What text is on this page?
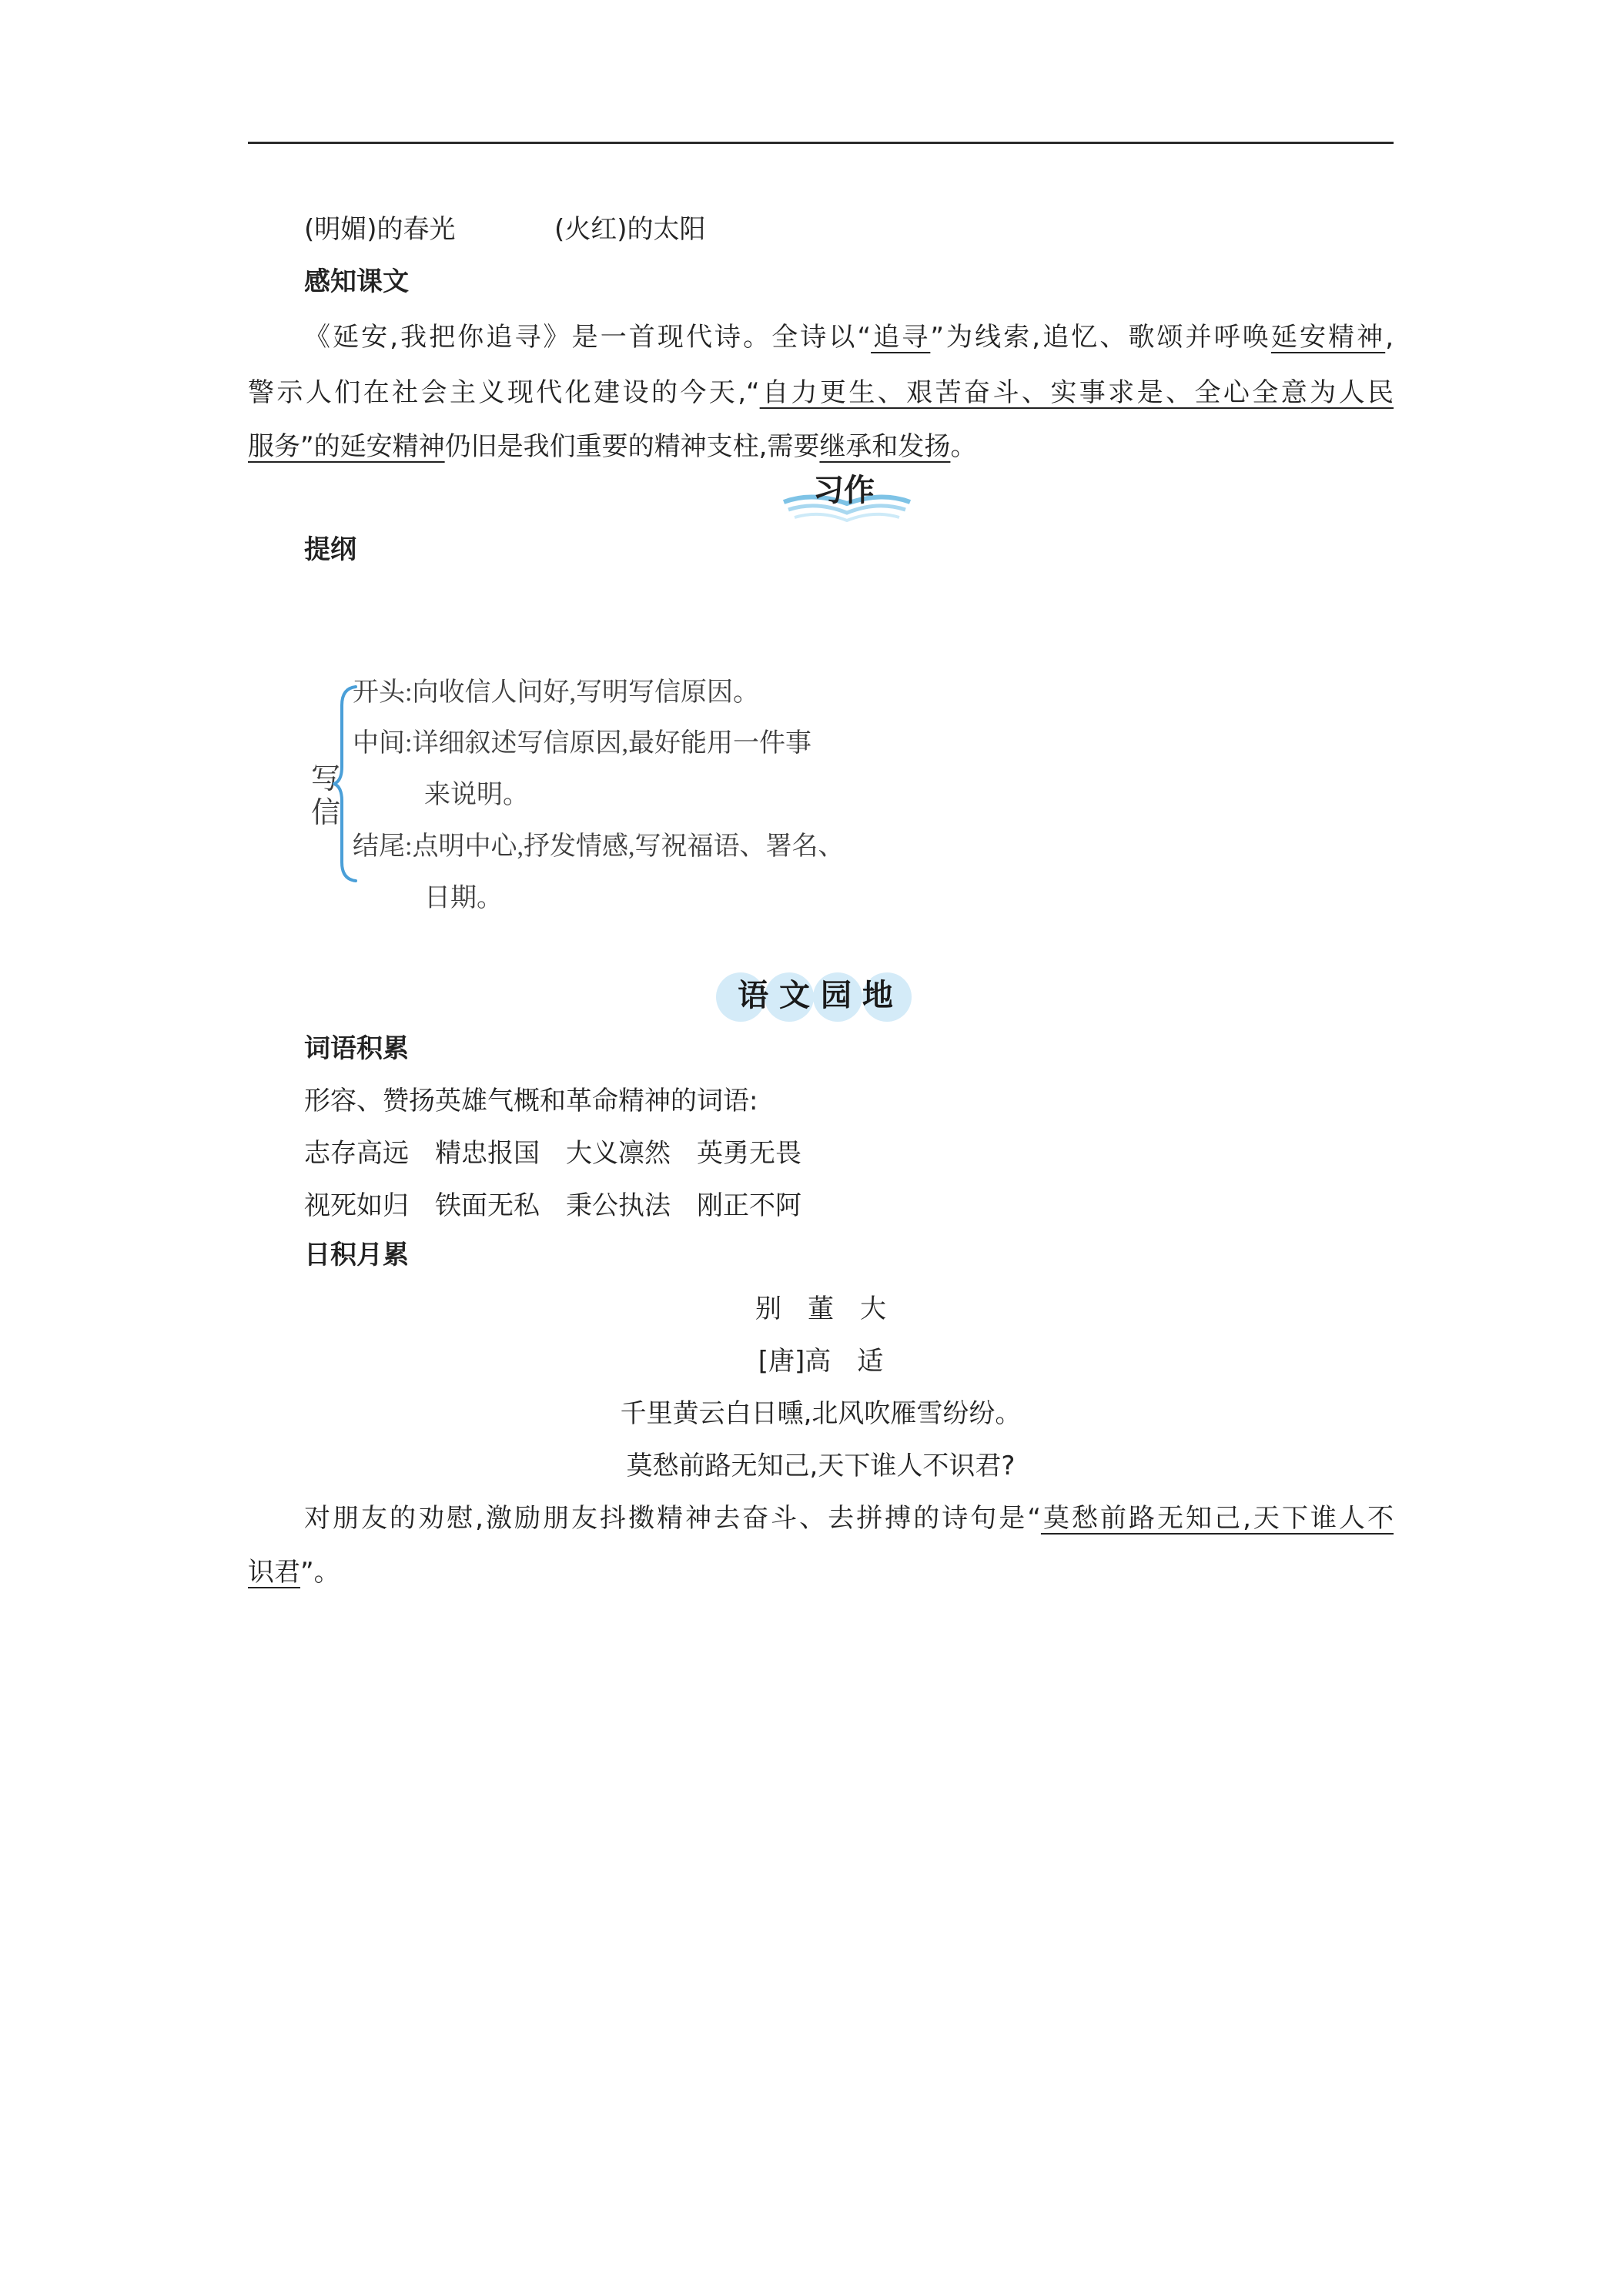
(明媚)的春光	(火红)的太阳
感知课文
《延安,我把你追寻》是一首现代诗。全诗以“追寻”为线索,追忆、歌颂并呼唤延安精神,
警示人们在社会主义现代化建设的今天,“自力更生、艰苦奋斗、实事求是、全心全意为人民
服务”的延安精神仍旧是我们重要的精神支柱,需要继承和发扬。
习作
提纲
写信
开头:向收信人问好,写明写信原因。
中间:详细叙述写信原因,最好能用一件事
来说明。
结尾:点明中心,抒发情感,写祝福语、署名、
日期。
语 文 园 地
词语积累
形容、赞扬英雄气概和革命精神的词语:
志存高远　精忠报国　大义凛然　英勇无畏
视死如归　铁面无私　秉公执法　刚正不阿
日积月累
别　董　大
[唐]高　适
千里黄云白日曛,北风吹雁雪纷纷。
莫愁前路无知己,天下谁人不识君?
对朋友的劝慰,激励朋友抖擞精神去奋斗、去拼搏的诗句是“莫愁前路无知己,天下谁人不
识君”。
